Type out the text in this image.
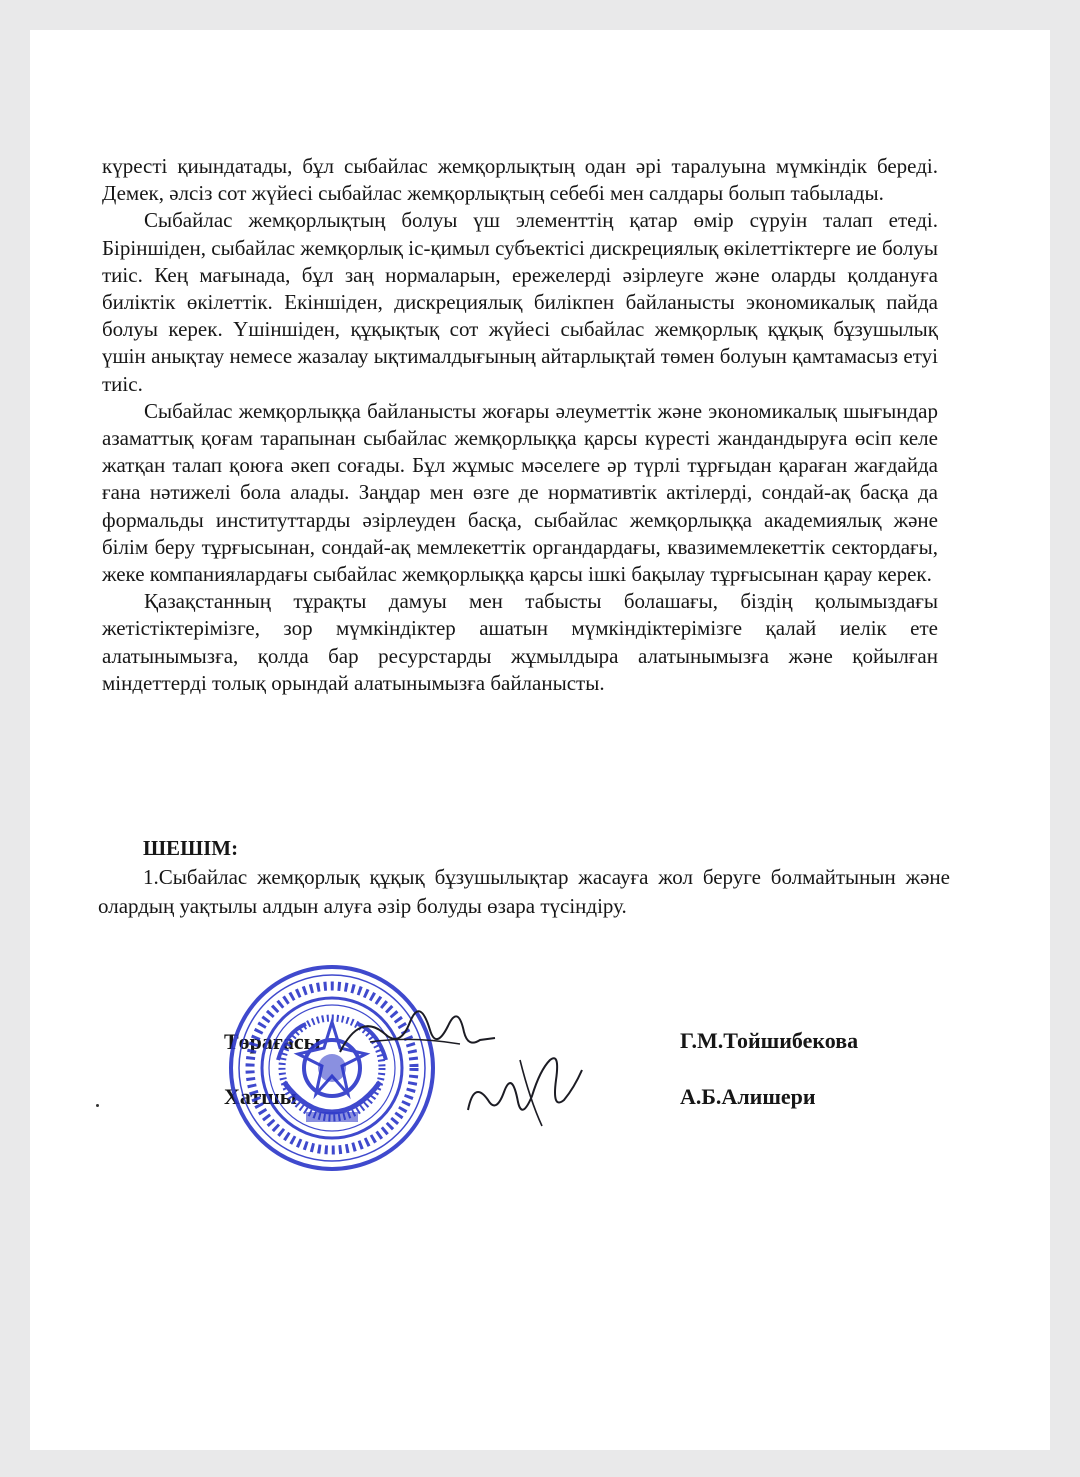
күресті қиындатады, бұл сыбайлас жемқорлықтың одан әрі таралуына мүмкіндік береді. Демек, әлсіз сот жүйесі сыбайлас жемқорлықтың себебі мен салдары болып табылады.

Сыбайлас жемқорлықтың болуы үш элементтің қатар өмір сүруін талап етеді. Біріншіден, сыбайлас жемқорлық іс-қимыл субъектісі дискрециялық өкілеттіктерге ие болуы тиіс. Кең мағынада, бұл заң нормаларын, ережелерді әзірлеуге және оларды қолдануға биліктік өкілеттік. Екіншіден, дискрециялық билікпен байланысты экономикалық пайда болуы керек. Үшіншіден, құқықтық сот жүйесі сыбайлас жемқорлық құқық бұзушылық үшін анықтау немесе жазалау ықтималдығының айтарлықтай төмен болуын қамтамасыз етуі тиіс.

Сыбайлас жемқорлыққа байланысты жоғары әлеуметтік және экономикалық шығындар азаматтық қоғам тарапынан сыбайлас жемқорлыққа қарсы күресті жандандыруға өсіп келе жатқан талап қоюға әкеп соғады. Бұл жұмыс мәселеге әр түрлі тұрғыдан қараған жағдайда ғана нәтижелі бола алады. Заңдар мен өзге де нормативтік актілерді, сондай-ақ басқа да формальды институттарды әзірлеуден басқа, сыбайлас жемқорлыққа академиялық және білім беру тұрғысынан, сондай-ақ мемлекеттік органдардағы, квазимемлекеттік сектордағы, жеке компаниялардағы сыбайлас жемқорлыққа қарсы ішкі бақылау тұрғысынан қарау керек.

Қазақстанның тұрақты дамуы мен табысты болашағы, біздің қолымыздағы жетістіктерімізге, зор мүмкіндіктер ашатын мүмкіндіктерімізге қалай иелік ете алатынымызға, қолда бар ресурстарды жұмылдыра алатынымызға және қойылған міндеттерді толық орындай алатынымызға байланысты.

ШЕШІМ:

1.Сыбайлас жемқорлық құқық бұзушылықтар жасауға жол беруге болмайтынын және олардың уақтылы алдын алуға әзір болуды өзара түсіндіру.

Төрағасы	Г.М.Тойшибекова
Хатшы	А.Б.Алишери
